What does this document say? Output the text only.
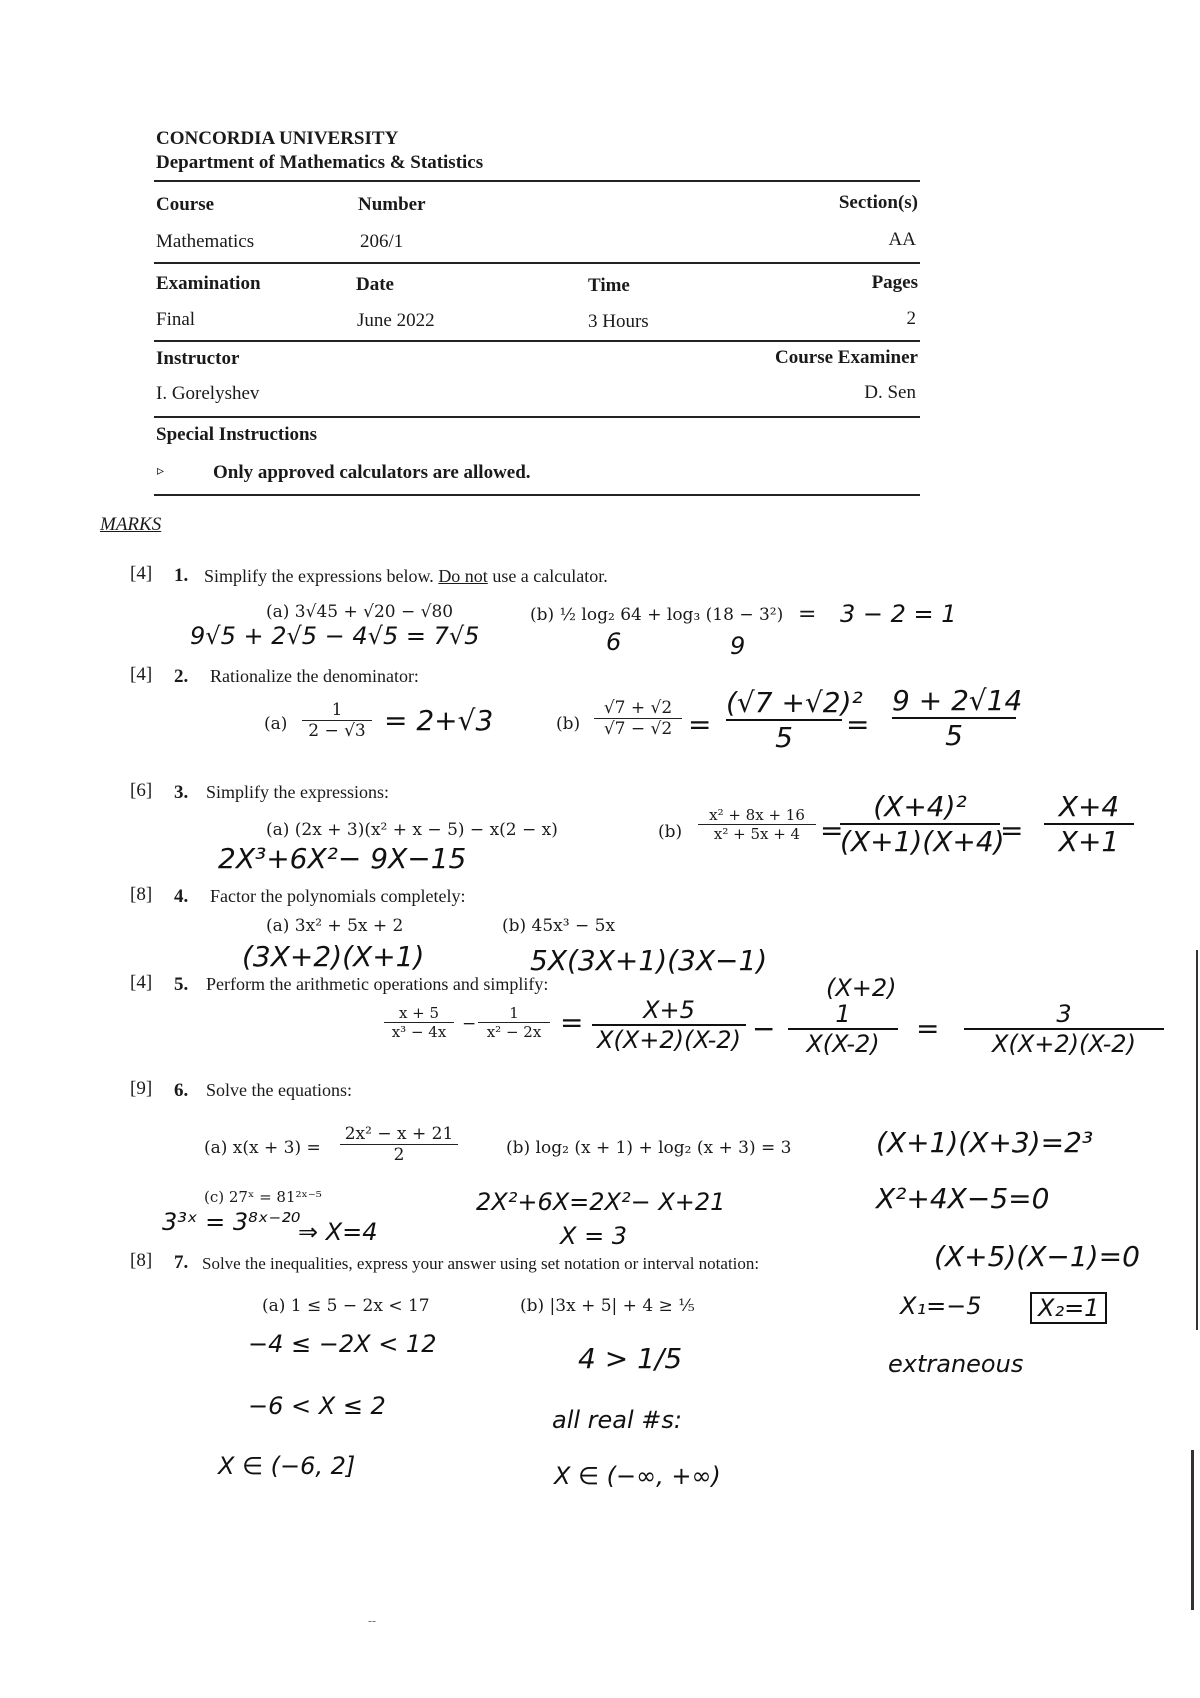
CONCORDIA UNIVERSITY
Department of Mathematics & Statistics
Course	Number	Section(s)
Mathematics	206/1	AA
Examination	Date	Time	Pages
Final	June 2022	3 Hours	2
Instructor	Course Examiner
I. Gorelyshev	D. Sen
Special Instructions
▹	Only approved calculators are allowed.
MARKS
[4] 1. Simplify the expressions below. Do not use a calculator.
(a) 3√45 + √20 − √80
9√5 + 2√5 − 4√5 = 7√5
(b) ½ log₂ 64 + log₃ (18 − 3²) =
6	9
3 − 2 = 1
[4] 2. Rationalize the denominator:
$(a) \frac{1}{2 - √3} = 2+√3$	$(b) \frac{√7 + √2}{√7 - √2} = \frac{\text{(√7 +√2)²}}{5} = \frac{9 + 2√14}{5}$
[6] 3. Simplify the expressions:
(a) (2x + 3)(x² + x − 5) − x(2 − x)
2X³+6X²− 9X−15
$(b) \frac{\text{x² + 8x + 16}}{\text{x² + 5x + 4}}$ =
$\frac{\text{(X+4)²}}{(X+1)(X+4)} = \frac{X+4}{X+1}$
[8] 4. Factor the polynomials completely:
(a) 3x² + 5x + 2	(b) 45x³ − 5x
(3X+2)(X+1)	5X(3X+1)(3X−1)
[4] 5. Perform the arithmetic operations and simplify:
$\frac{x + 5}{\text{x³ − 4x}} - \frac{1}{\text{x² − 2x}} = \frac{X+5}{X(X+2)(X-2)}$ −
(X+2)
$\frac{1}{X(X-2)} = \frac{3}{X(X+2)(X-2)}$
[9] 6. Solve the equations:
(a) $x(x + 3) = \frac{\text{2x² − x + 21}}{2}$	(b) log₂ (x + 1) + log₂ (x + 3) = 3	(X+1)(X+3)=2³
X²+4X−5=0
(c) 27ˣ = 81²ˣ⁻⁵
3³ˣ = 3⁸ˣ⁻²⁰
⇒ X=4
2X²+6X=2X²− X+21
X = 3
[8] 7. Solve the inequalities, express your answer using set notation or interval notation:	(X+5)(X−1)=0
(a) 1 ≤ 5 − 2x < 17	(b) |3x + 5| + 4 ≥ ⅕	X₁=−5	X₂=1
extraneous
−4 ≤ −2X < 12
−6 < X ≤ 2
X ∈ (−6, 2]
4 > 1/5
all real #s:
X ∈ (−∞, +∞)
--
